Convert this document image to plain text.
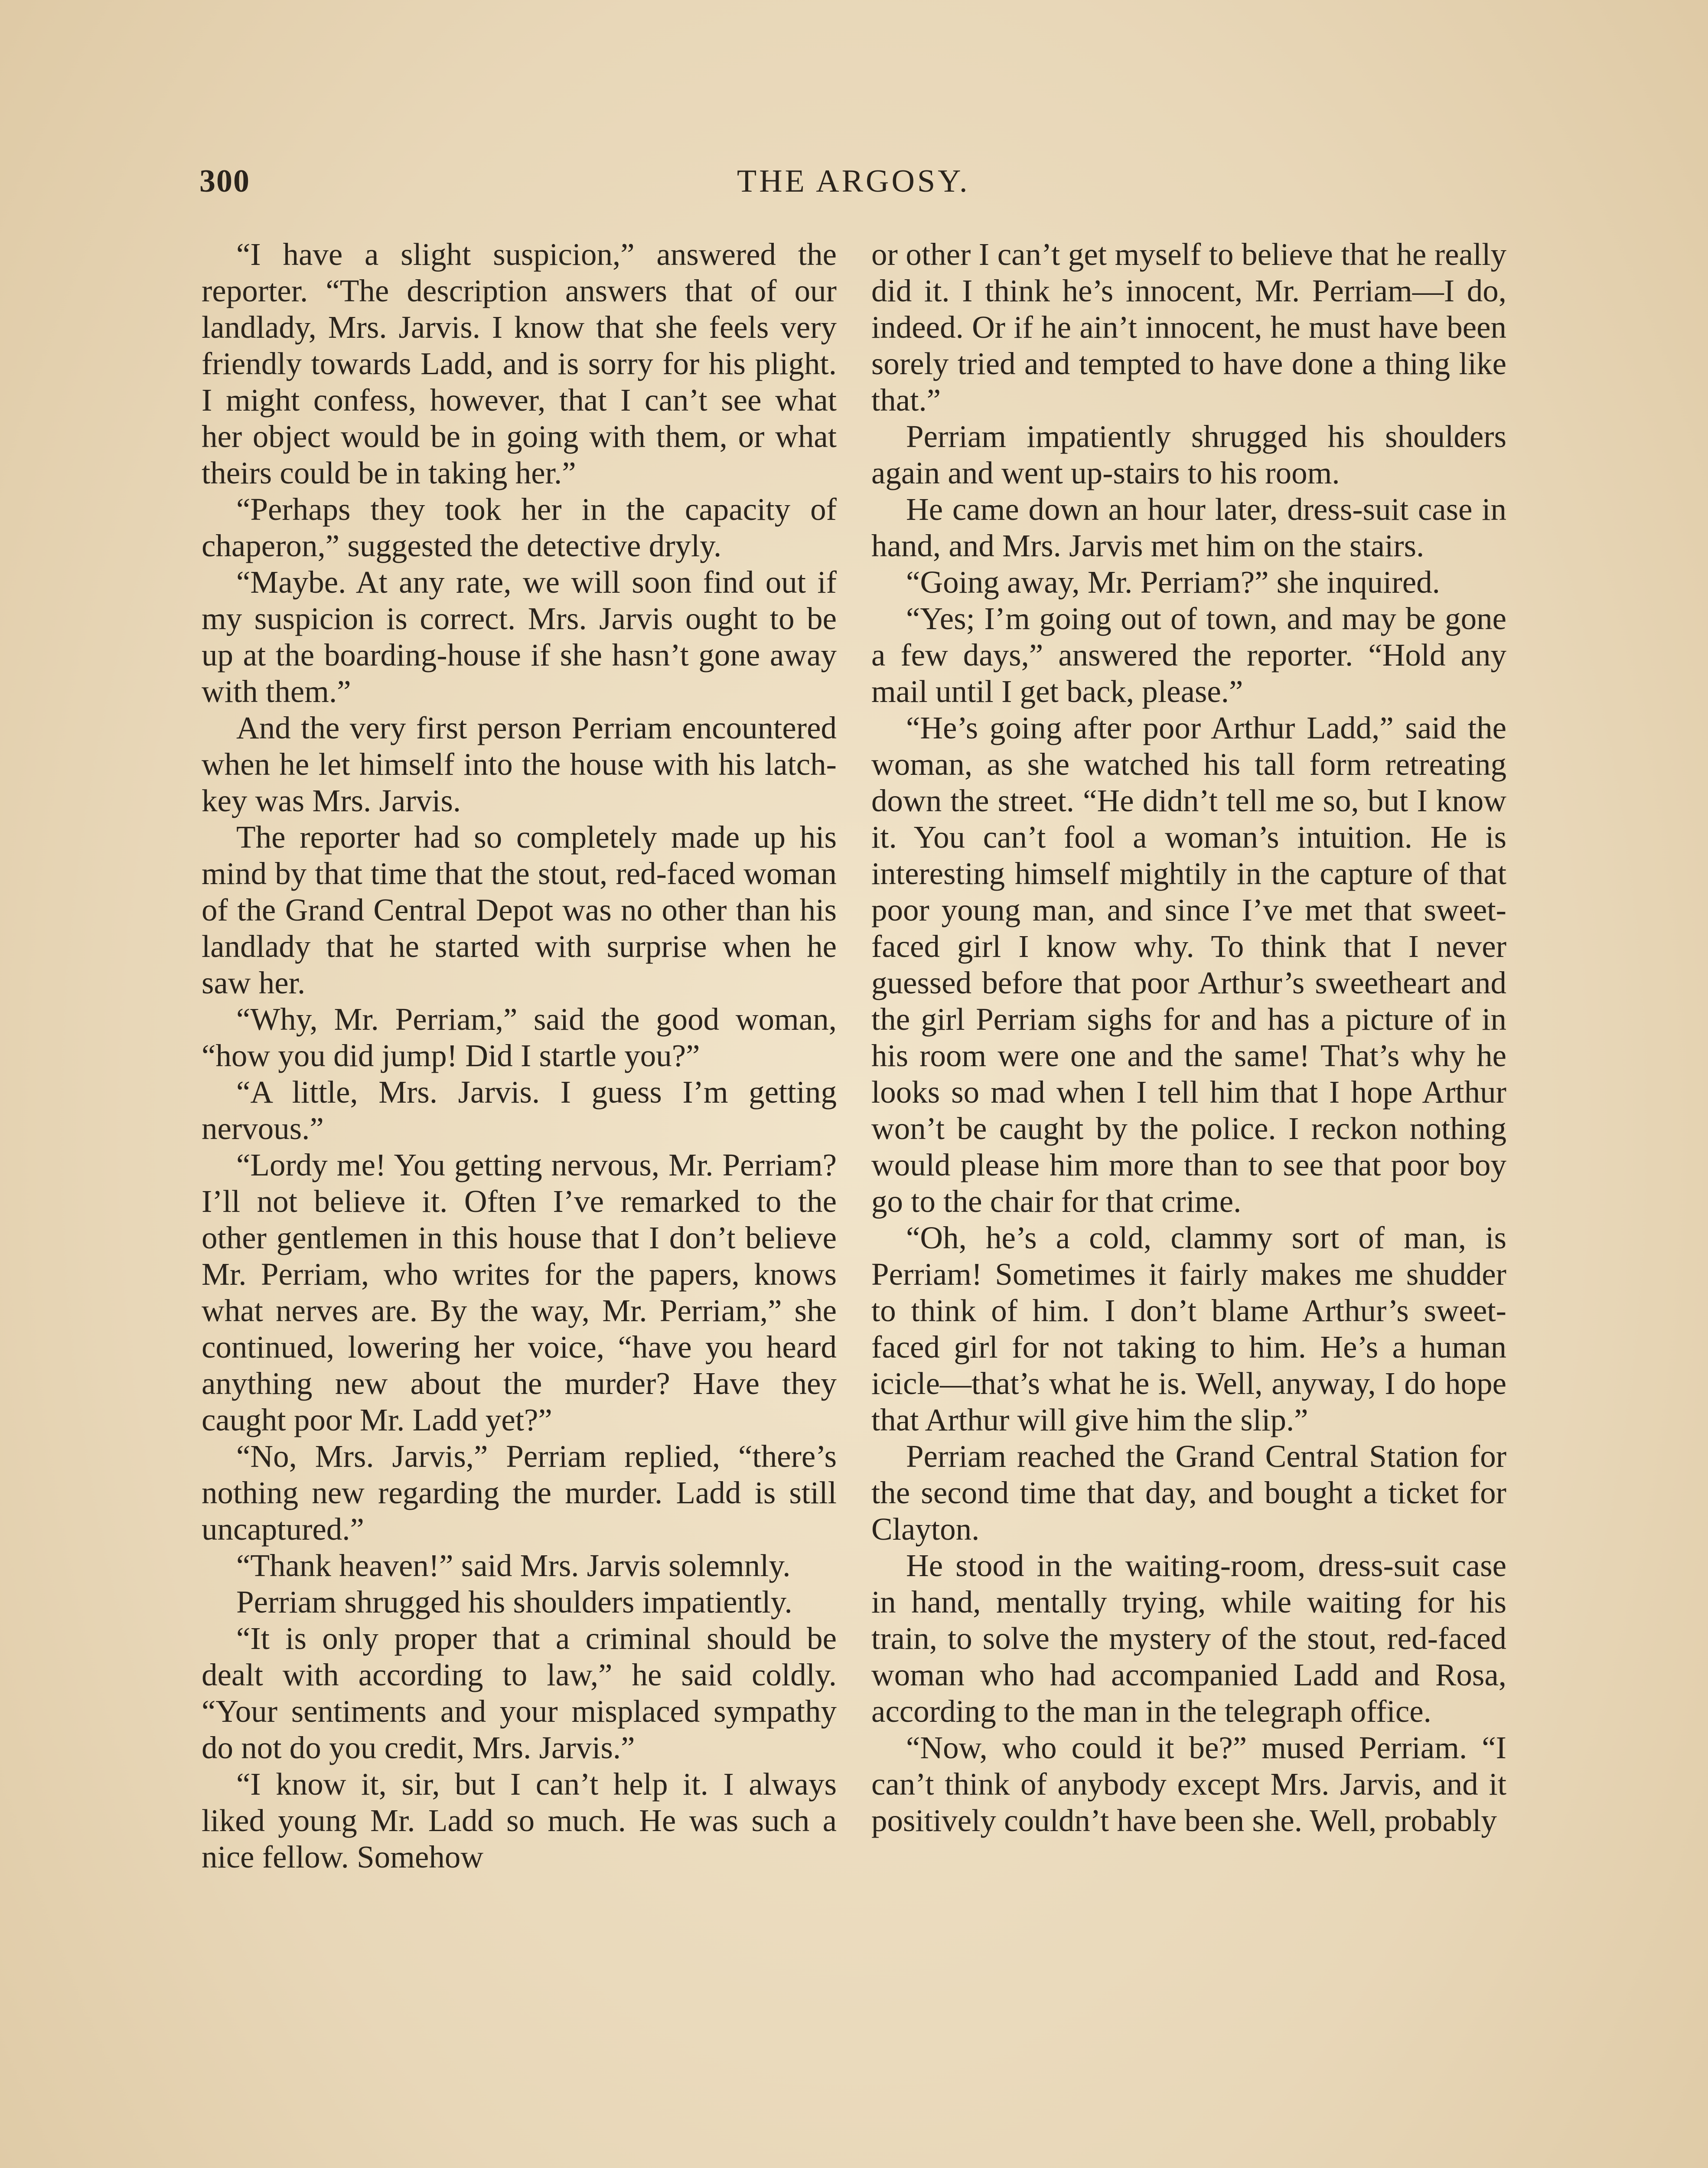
300	THE ARGOSY.

“I have a slight suspicion,” answered the reporter. “The description answers that of our landlady, Mrs. Jarvis. I know that she feels very friendly towards Ladd, and is sorry for his plight. I might confess, however, that I can’t see what her object would be in going with them, or what theirs could be in taking her.”

“Perhaps they took her in the capacity of chaperon,” suggested the detective dryly.

“Maybe. At any rate, we will soon find out if my suspicion is correct. Mrs. Jarvis ought to be up at the boarding-house if she hasn’t gone away with them.”

And the very first person Perriam encountered when he let himself into the house with his latch-key was Mrs. Jarvis.

The reporter had so completely made up his mind by that time that the stout, red-faced woman of the Grand Central Depot was no other than his landlady that he started with surprise when he saw her.

“Why, Mr. Perriam,” said the good woman, “how you did jump! Did I startle you?”

“A little, Mrs. Jarvis. I guess I’m getting nervous.”

“Lordy me! You getting nervous, Mr. Perriam? I’ll not believe it. Often I’ve remarked to the other gentlemen in this house that I don’t believe Mr. Perriam, who writes for the papers, knows what nerves are. By the way, Mr. Perriam,” she continued, lowering her voice, “have you heard anything new about the murder? Have they caught poor Mr. Ladd yet?”

“No, Mrs. Jarvis,” Perriam replied, “there’s nothing new regarding the murder. Ladd is still uncaptured.”

“Thank heaven!” said Mrs. Jarvis solemnly.

Perriam shrugged his shoulders impatiently.

“It is only proper that a criminal should be dealt with according to law,” he said coldly. “Your sentiments and your misplaced sympathy do not do you credit, Mrs. Jarvis.”

“I know it, sir, but I can’t help it. I always liked young Mr. Ladd so much. He was such a nice fellow. Somehow

or other I can’t get myself to believe that he really did it. I think he’s innocent, Mr. Perriam—I do, indeed. Or if he ain’t innocent, he must have been sorely tried and tempted to have done a thing like that.”

Perriam impatiently shrugged his shoulders again and went up-stairs to his room.

He came down an hour later, dress-suit case in hand, and Mrs. Jarvis met him on the stairs.

“Going away, Mr. Perriam?” she inquired.

“Yes; I’m going out of town, and may be gone a few days,” answered the reporter. “Hold any mail until I get back, please.”

“He’s going after poor Arthur Ladd,” said the woman, as she watched his tall form retreating down the street. “He didn’t tell me so, but I know it. You can’t fool a woman’s intuition. He is interesting himself mightily in the capture of that poor young man, and since I’ve met that sweet-faced girl I know why. To think that I never guessed before that poor Arthur’s sweetheart and the girl Perriam sighs for and has a picture of in his room were one and the same! That’s why he looks so mad when I tell him that I hope Arthur won’t be caught by the police. I reckon nothing would please him more than to see that poor boy go to the chair for that crime.

“Oh, he’s a cold, clammy sort of man, is Perriam! Sometimes it fairly makes me shudder to think of him. I don’t blame Arthur’s sweet-faced girl for not taking to him. He’s a human icicle—that’s what he is. Well, anyway, I do hope that Arthur will give him the slip.”

Perriam reached the Grand Central Station for the second time that day, and bought a ticket for Clayton.

He stood in the waiting-room, dress-suit case in hand, mentally trying, while waiting for his train, to solve the mystery of the stout, red-faced woman who had accompanied Ladd and Rosa, according to the man in the telegraph office.

“Now, who could it be?” mused Perriam. “I can’t think of anybody except Mrs. Jarvis, and it positively couldn’t have been she. Well, probably
